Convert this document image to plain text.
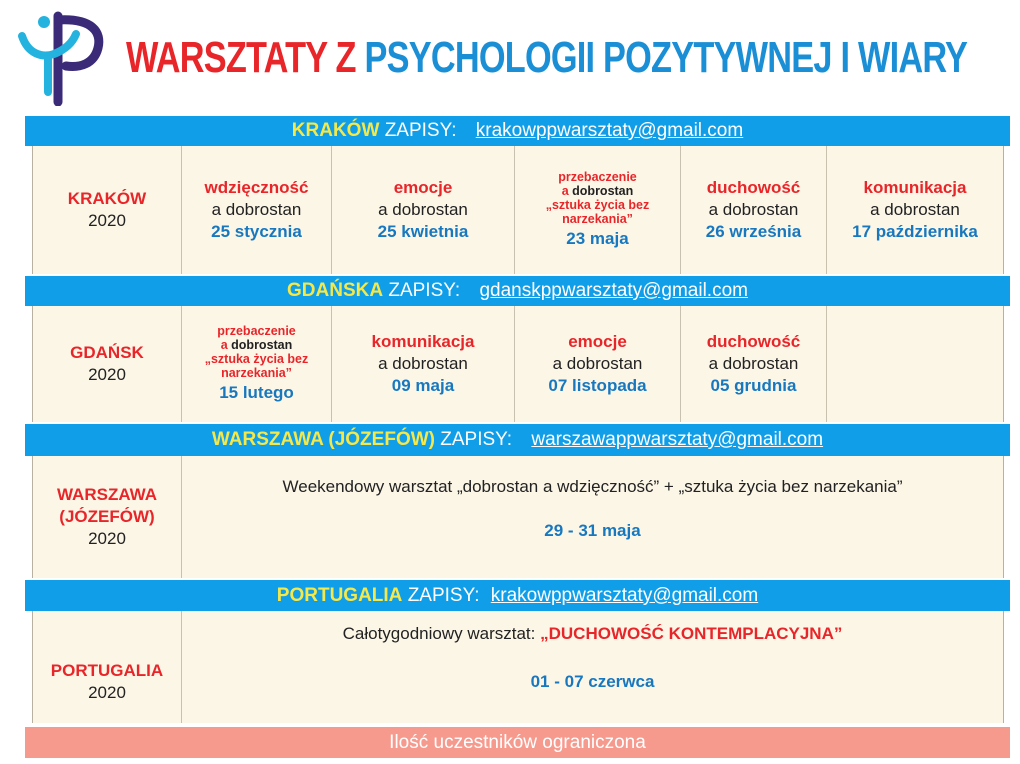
WARSZTATY Z PSYCHOLOGII POZYTYWNEJ I WIARY
KRAKÓW ZAPISY: krakowppwarsztaty@gmail.com
KRAKÓW
2020
wdzięczność
a dobrostan
25 stycznia
emocje
a dobrostan
25 kwietnia
przebaczenie
a dobrostan
„sztuka życia bez
narzekania”
23 maja
duchowość
a dobrostan
26 września
komunikacja
a dobrostan
17 października
GDAŃSKA ZAPISY: gdanskppwarsztaty@gmail.com
GDAŃSK
2020
przebaczenie
a dobrostan
„sztuka życia bez
narzekania”
15 lutego
komunikacja
a dobrostan
09 maja
emocje
a dobrostan
07 listopada
duchowość
a dobrostan
05 grudnia
WARSZAWA (JÓZEFÓW) ZAPISY: warszawappwarsztaty@gmail.com
WARSZAWA
(JÓZEFÓW)
2020
Weekendowy warsztat „dobrostan a wdzięczność” + „sztuka życia bez narzekania”
29 - 31 maja
PORTUGALIA ZAPISY: krakowppwarsztaty@gmail.com
PORTUGALIA
2020
Całotygodniowy warsztat: „DUCHOWOŚĆ KONTEMPLACYJNA”
01 - 07 czerwca
Ilość uczestników ograniczona
